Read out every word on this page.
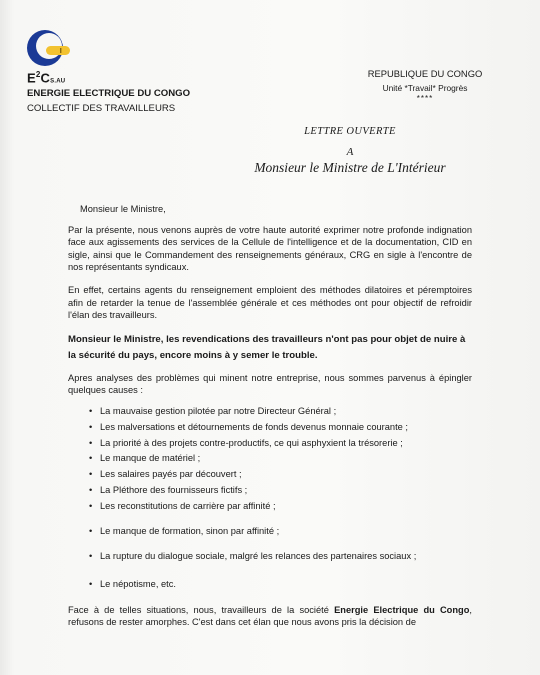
$E^2CS.AU$
ENERGIE ELECTRIQUE DU CONGO
COLLECTIF DES TRAVAILLEURS
REPUBLIQUE DU CONGO
Unité *Travail* Progrès
****
LETTRE OUVERTE
A
Monsieur le Ministre de L'Intérieur

Monsieur le Ministre,

Par la présente, nous venons auprès de votre haute autorité exprimer notre profonde indignation face aux agissements des services de la Cellule de l'intelligence et de la documentation, CID en sigle, ainsi que le Commandement des renseignements généraux, CRG en sigle à l'encontre de nos représentants syndicaux.

En effet, certains agents du renseignement emploient des méthodes dilatoires et péremptoires afin de retarder la tenue de l'assemblée générale et ces méthodes ont pour objectif de refroidir l'élan des travailleurs.

Monsieur le Ministre, les revendications des travailleurs n'ont pas pour objet de nuire à la sécurité du pays, encore moins à y semer le trouble.

Apres analyses des problèmes qui minent notre entreprise, nous sommes parvenus à épingler quelques causes :

• La mauvaise gestion pilotée par notre Directeur Général ;
• Les malversations et détournements de fonds devenus monnaie courante ;
• La priorité à des projets contre-productifs, ce qui asphyxient la trésorerie ;
• Le manque de matériel ;
• Les salaires payés par découvert ;
• La Pléthore des fournisseurs fictifs ;
• Les reconstitutions de carrière par affinité ;
• Le manque de formation, sinon par affinité ;
• La rupture du dialogue sociale, malgré les relances des partenaires sociaux ;
• Le népotisme, etc.

Face à de telles situations, nous, travailleurs de la société Energie Electrique du Congo, refusons de rester amorphes. C'est dans cet élan que nous avons pris la décision de
